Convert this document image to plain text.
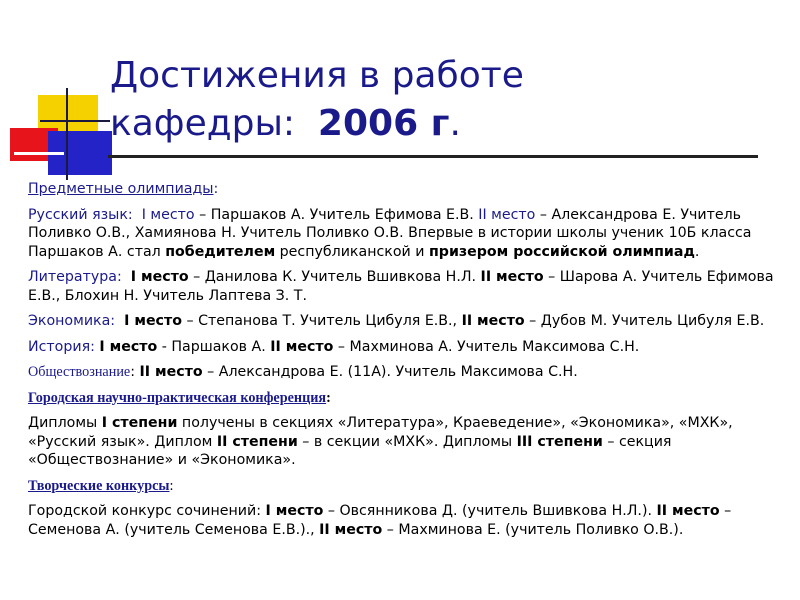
Достижения в работе
кафедры: 2006 г.

Предметные олимпиады:

Русский язык: I место – Паршаков А. Учитель Ефимова Е.В. II место – Александрова Е. Учитель Поливко О.В., Хамиянова Н. Учитель Поливко О.В. Впервые в истории школы ученик 10Б класса Паршаков А. стал победителем республиканской и призером российской олимпиад.

Литература: I место – Данилова К. Учитель Вшивкова Н.Л. II место – Шарова А. Учитель Ефимова Е.В., Блохин Н. Учитель Лаптева З. Т.

Экономика: I место – Степанова Т. Учитель Цибуля Е.В., II место – Дубов М. Учитель Цибуля Е.В.

История: I место - Паршаков А. II место – Махминова А. Учитель Максимова С.Н.

Обществознание: II место – Александрова Е. (11А). Учитель Максимова С.Н.

Городская научно-практическая конференция:

Дипломы I степени получены в секциях «Литература», Краеведение», «Экономика», «МХК», «Русский язык». Диплом II степени – в секции «МХК». Дипломы III степени – секция «Обществознание» и «Экономика».

Творческие конкурсы:

Городской конкурс сочинений: I место – Овсянникова Д. (учитель Вшивкова Н.Л.). II место – Семенова А. (учитель Семенова Е.В.)., II место – Махминова Е. (учитель Поливко О.В.).
